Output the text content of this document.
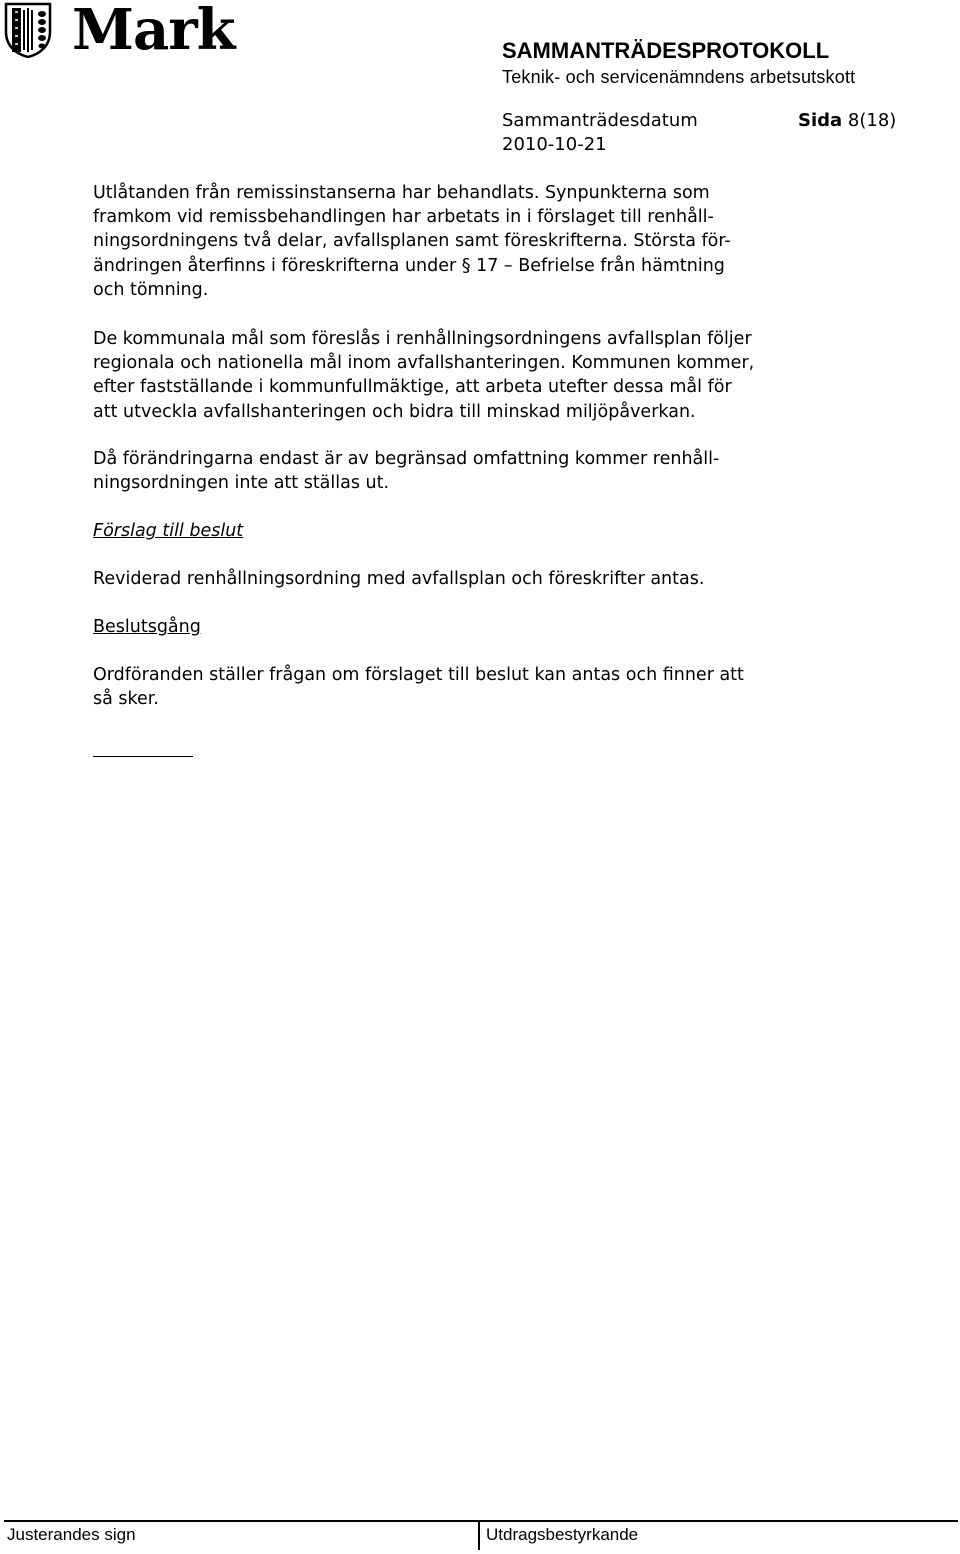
Mark	SAMMANTRÄDESPROTOKOLL
Teknik- och servicenämndens arbetsutskott
Sammanträdesdatum
2010-10-21
Sida 8(18)
Utlåtanden från remissinstanserna har behandlats. Synpunkterna som
framkom vid remissbehandlingen har arbetats in i förslaget till renhåll-
ningsordningens två delar, avfallsplanen samt föreskrifterna. Största för-
ändringen återfinns i föreskrifterna under § 17 – Befrielse från hämtning
och tömning.
De kommunala mål som föreslås i renhållningsordningens avfallsplan följer
regionala och nationella mål inom avfallshanteringen. Kommunen kommer,
efter fastställande i kommunfullmäktige, att arbeta utefter dessa mål för
att utveckla avfallshanteringen och bidra till minskad miljöpåverkan.
Då förändringarna endast är av begränsad omfattning kommer renhåll-
ningsordningen inte att ställas ut.
Förslag till beslut
Reviderad renhållningsordning med avfallsplan och föreskrifter antas.
Beslutsgång
Ordföranden ställer frågan om förslaget till beslut kan antas och finner att
så sker.
Justerandes sign	Utdragsbestyrkande
